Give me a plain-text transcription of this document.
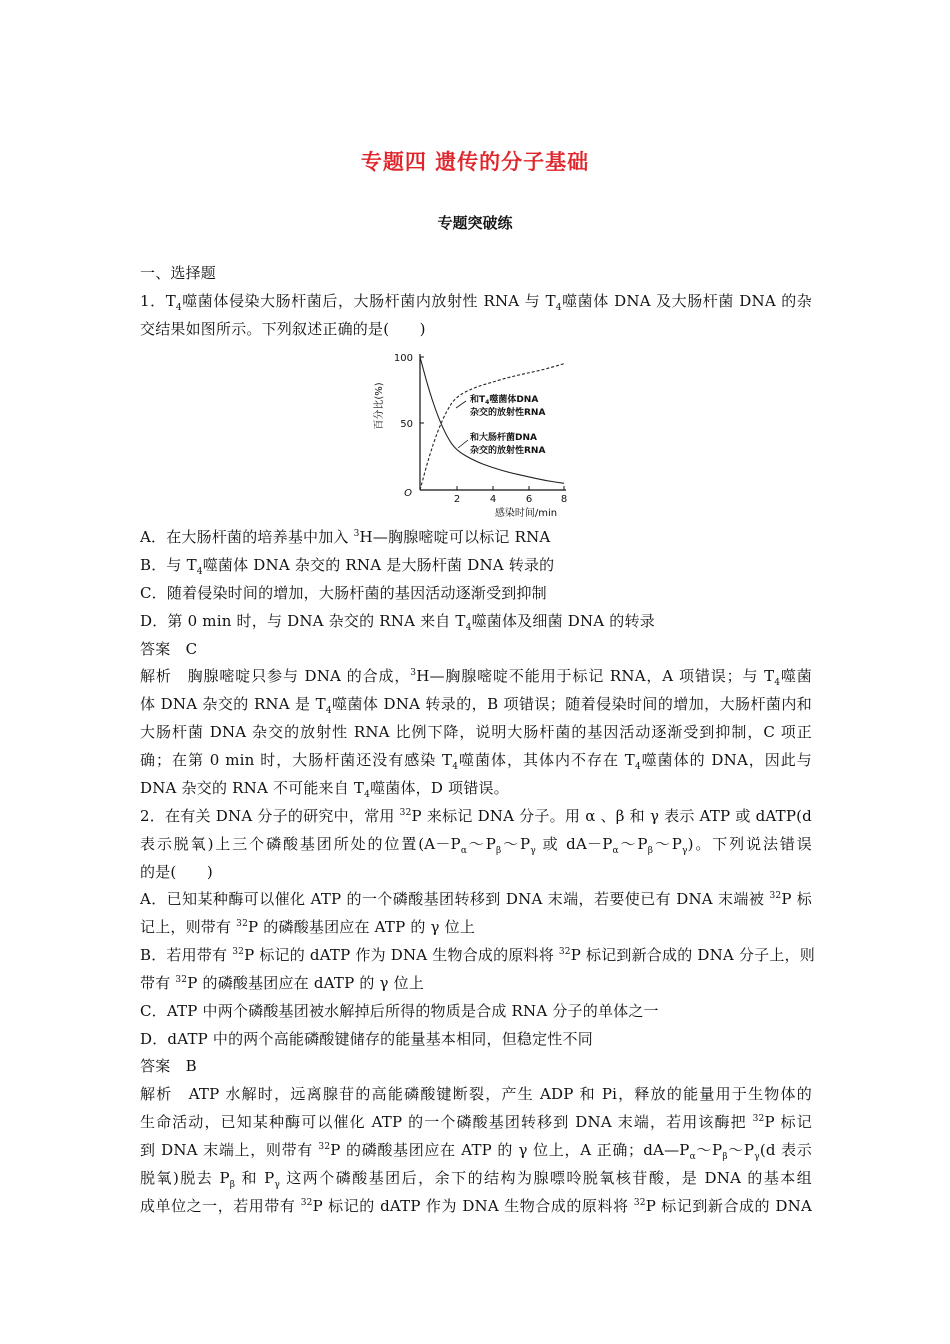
专题四 遗传的分子基础
专题突破练
一、选择题
1．$T_4$噬菌体侵染大肠杆菌后，大肠杆菌内放射性 RNA 与 $T_4$噬菌体 DNA 及大肠杆菌 DNA 的杂
交结果如图所示。下列叙述正确的是(　　)
百分比(%)
100
50
O
2	4	6	8
感染时间/min
和$T_4$噬菌体DNA
杂交的放射性RNA
和大肠杆菌DNA
杂交的放射性RNA
A．在大肠杆菌的培养基中加入 $^3$H—胸腺嘧啶可以标记 RNA
B．与 $T_4$噬菌体 DNA 杂交的 RNA 是大肠杆菌 DNA 转录的
C．随着侵染时间的增加，大肠杆菌的基因活动逐渐受到抑制
D．第 0 min 时，与 DNA 杂交的 RNA 来自 $T_4$噬菌体及细菌 DNA 的转录
答案　C
解析　胸腺嘧啶只参与 DNA 的合成，$^3$H—胸腺嘧啶不能用于标记 RNA，A 项错误；与 $T_4$噬菌
体 DNA 杂交的 RNA 是 $T_4$噬菌体 DNA 转录的，B 项错误；随着侵染时间的增加，大肠杆菌内和
大肠杆菌 DNA 杂交的放射性 RNA 比例下降，说明大肠杆菌的基因活动逐渐受到抑制，C 项正
确；在第 0 min 时，大肠杆菌还没有感染 $T_4$噬菌体，其体内不存在 $T_4$噬菌体的 DNA，因此与
DNA 杂交的 RNA 不可能来自 $T_4$噬菌体，D 项错误。
2．在有关 DNA 分子的研究中，常用 $^{32}$P 来标记 DNA 分子。用 α 、β 和 γ 表示 ATP 或 dATP(d
表示脱氧)上三个磷酸基团所处的位置($A-P_\alpha\sim P_\beta\sim P_\gamma$ 或 $dA-P_\alpha\sim P_\beta\sim P_\gamma$)。下列说法错误
的是(　　)
A．已知某种酶可以催化 ATP 的一个磷酸基团转移到 DNA 末端，若要使已有 DNA 末端被 $^{32}$P 标
记上，则带有 $^{32}$P 的磷酸基团应在 ATP 的 γ 位上
B．若用带有 $^{32}$P 标记的 dATP 作为 DNA 生物合成的原料将 $^{32}$P 标记到新合成的 DNA 分子上，则
带有 $^{32}$P 的磷酸基团应在 dATP 的 γ 位上
C．ATP 中两个磷酸基团被水解掉后所得的物质是合成 RNA 分子的单体之一
D．dATP 中的两个高能磷酸键储存的能量基本相同，但稳定性不同
答案　B
解析　ATP 水解时，远离腺苷的高能磷酸键断裂，产生 ADP 和 Pi，释放的能量用于生物体的
生命活动，已知某种酶可以催化 ATP 的一个磷酸基团转移到 DNA 末端，若用该酶把 $^{32}$P 标记
到 DNA 末端上，则带有 $^{32}$P 的磷酸基团应在 ATP 的 γ 位上，A 正确；$dA—P_\alpha\sim P_\beta\sim P_\gamma(d$ 表示
脱氧)脱去 $P_\beta$ 和 $P_\gamma$ 这两个磷酸基团后，余下的结构为腺嘌呤脱氧核苷酸，是 DNA 的基本组
成单位之一，若用带有 $^{32}$P 标记的 dATP 作为 DNA 生物合成的原料将 $^{32}$P 标记到新合成的 DNA
